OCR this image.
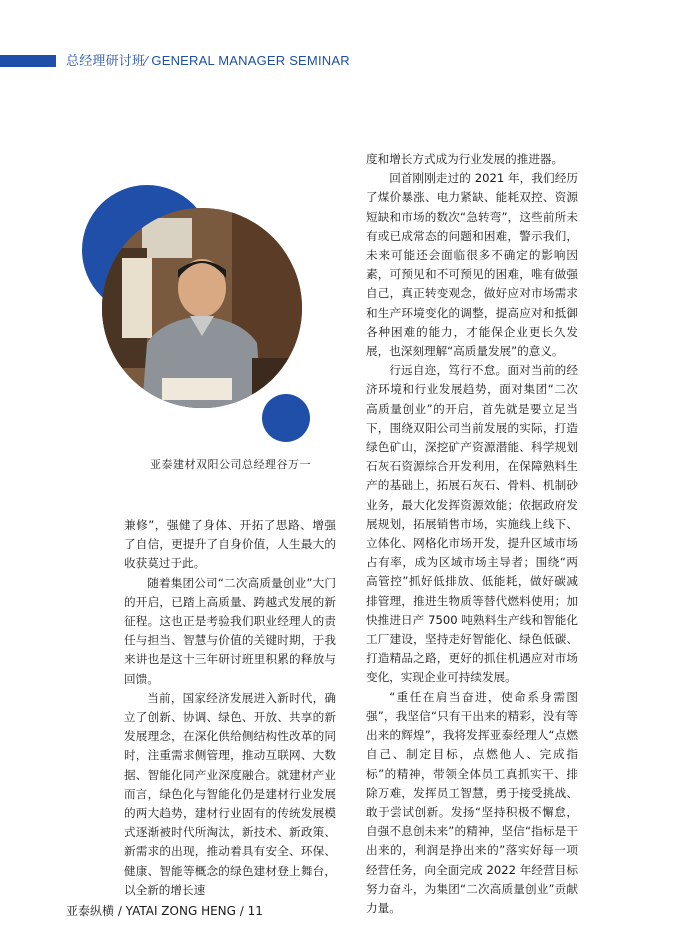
总经理研讨班∕ GENERAL MANAGER SEMINAR
亚泰建材双阳公司总经理谷万一

兼修”，强健了身体、开拓了思路、增强了自信，更提升了自身价值，人生最大的收获莫过于此。

随着集团公司“二次高质量创业”大门的开启，已踏上高质量、跨越式发展的新征程。这也正是考验我们职业经理人的责任与担当、智慧与价值的关键时期，于我来讲也是这十三年研讨班里积累的释放与回馈。

当前，国家经济发展进入新时代，确立了创新、协调、绿色、开放、共享的新发展理念，在深化供给侧结构性改革的同时，注重需求侧管理，推动互联网、大数据、智能化同产业深度融合。就建材产业而言，绿色化与智能化仍是建材行业发展的两大趋势，建材行业固有的传统发展模式逐渐被时代所淘汰，新技术、新政策、新需求的出现，推动着具有安全、环保、健康、智能等概念的绿色建材登上舞台，以全新的增长速

度和增长方式成为行业发展的推进器。

回首刚刚走过的 2021 年，我们经历了煤价暴涨、电力紧缺、能耗双控、资源短缺和市场的数次“急转弯”，这些前所未有或已成常态的问题和困难，警示我们，未来可能还会面临很多不确定的影响因素，可预见和不可预见的困难，唯有做强自己，真正转变观念，做好应对市场需求和生产环境变化的调整，提高应对和抵御各种困难的能力，才能保企业更长久发展，也深刻理解“高质量发展”的意义。

行远自迩，笃行不怠。面对当前的经济环境和行业发展趋势，面对集团“二次高质量创业”的开启，首先就是要立足当下，围绕双阳公司当前发展的实际，打造绿色矿山，深挖矿产资源潜能、科学规划石灰石资源综合开发利用，在保障熟料生产的基础上，拓展石灰石、骨料、机制砂业务，最大化发挥资源效能；依据政府发展规划，拓展销售市场，实施线上线下、立体化、网格化市场开发，提升区域市场占有率，成为区域市场主导者；围绕“两高管控”抓好低排放、低能耗，做好碳减排管理，推进生物质等替代燃料使用；加快推进日产 7500 吨熟料生产线和智能化工厂建设，坚持走好智能化、绿色低碳、打造精品之路，更好的抓住机遇应对市场变化，实现企业可持续发展。

“重任在肩当奋进，使命系身需图强”，我坚信“只有干出来的精彩，没有等出来的辉煌”，我将发挥亚泰经理人“点燃自己、制定目标，点燃他人、完成指标”的精神，带领全体员工真抓实干、排除万难，发挥员工智慧，勇于接受挑战、敢于尝试创新。发扬“坚持积极不懈怠，自强不息创未来”的精神，坚信“指标是干出来的，利润是挣出来的”落实好每一项经营任务，向全面完成 2022 年经营目标努力奋斗，为集团“二次高质量创业”贡献力量。

亚泰纵横 ∕ YATAI ZONG HENG ∕ 11
